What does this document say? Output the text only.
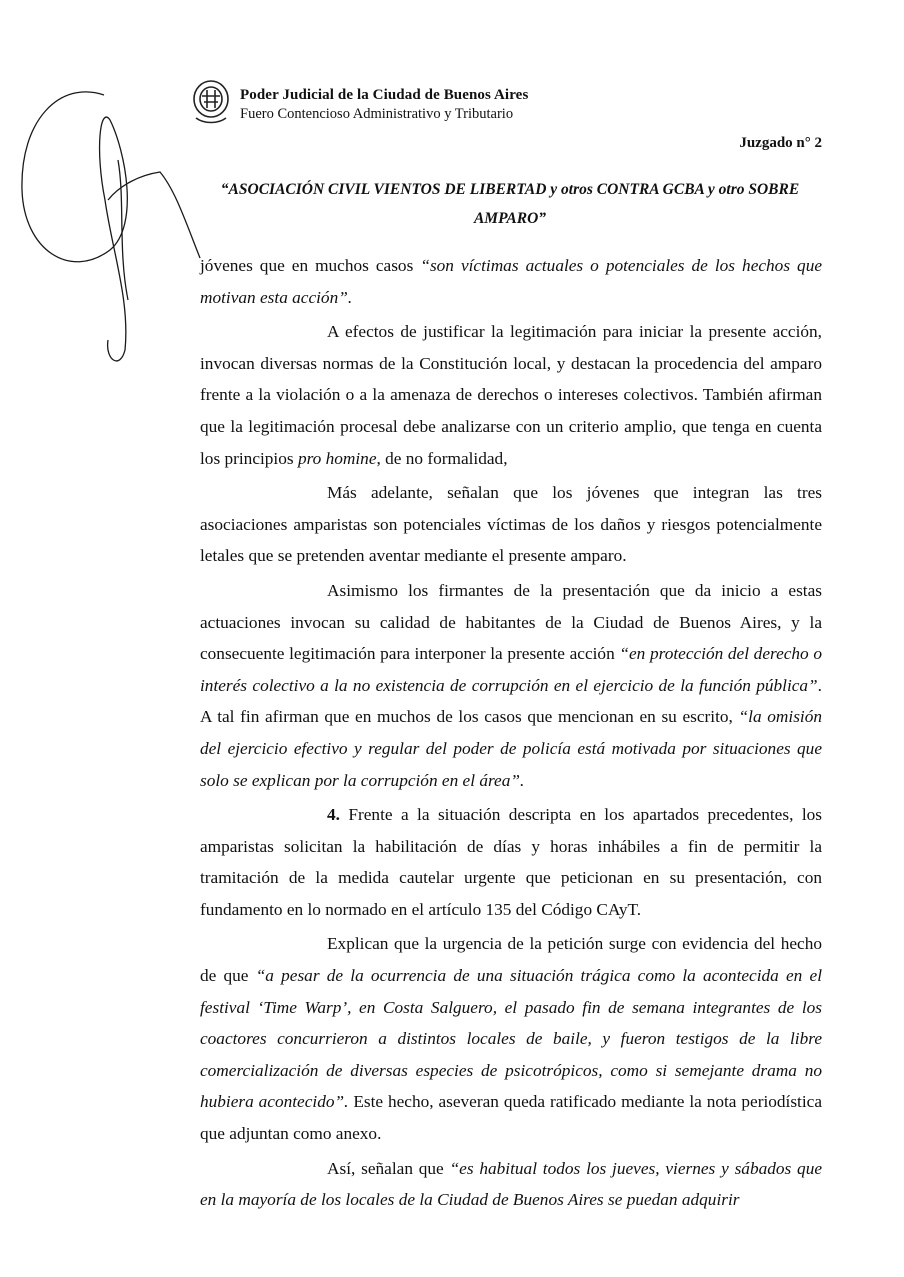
Poder Judicial de la Ciudad de Buenos Aires
Fuero Contencioso Administrativo y Tributario
Juzgado n° 2
“ASOCIACIÓN CIVIL VIENTOS DE LIBERTAD y otros CONTRA GCBA y otro SOBRE
AMPARO”

jóvenes que en muchos casos “son víctimas actuales o potenciales de los hechos que motivan esta acción”.

A efectos de justificar la legitimación para iniciar la presente acción, invocan diversas normas de la Constitución local, y destacan la procedencia del amparo frente a la violación o a la amenaza de derechos o intereses colectivos. También afirman que la legitimación procesal debe analizarse con un criterio amplio, que tenga en cuenta los principios pro homine, de no formalidad,

Más adelante, señalan que los jóvenes que integran las tres asociaciones amparistas son potenciales víctimas de los daños y riesgos potencialmente letales que se pretenden aventar mediante el presente amparo.

Asimismo los firmantes de la presentación que da inicio a estas actuaciones invocan su calidad de habitantes de la Ciudad de Buenos Aires, y la consecuente legitimación para interponer la presente acción “en protección del derecho o interés colectivo a la no existencia de corrupción en el ejercicio de la función pública”. A tal fin afirman que en muchos de los casos que mencionan en su escrito, “la omisión del ejercicio efectivo y regular del poder de policía está motivada por situaciones que solo se explican por la corrupción en el área”.

4. Frente a la situación descripta en los apartados precedentes, los amparistas solicitan la habilitación de días y horas inhábiles a fin de permitir la tramitación de la medida cautelar urgente que peticionan en su presentación, con fundamento en lo normado en el artículo 135 del Código CAyT.

Explican que la urgencia de la petición surge con evidencia del hecho de que “a pesar de la ocurrencia de una situación trágica como la acontecida en el festival ‘Time Warp’, en Costa Salguero, el pasado fin de semana integrantes de los coactores concurrieron a distintos locales de baile, y fueron testigos de la libre comercialización de diversas especies de psicotrópicos, como si semejante drama no hubiera acontecido”. Este hecho, aseveran queda ratificado mediante la nota periodística que adjuntan como anexo.

Así, señalan que “es habitual todos los jueves, viernes y sábados que en la mayoría de los locales de la Ciudad de Buenos Aires se puedan adquirir
